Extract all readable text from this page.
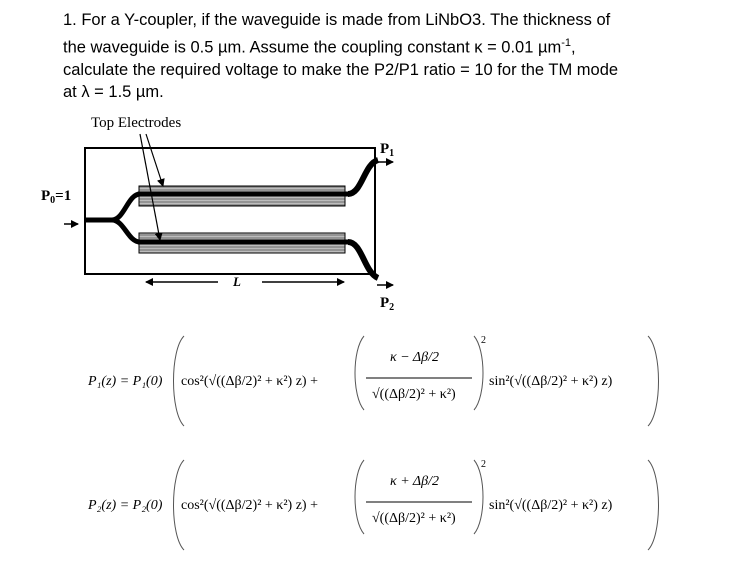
1. For a Y-coupler, if the waveguide is made from LiNbO3. The thickness of
the waveguide is 0.5 µm. Assume the coupling constant κ = 0.01 µm$^{-1}$,
calculate the required voltage to make the P2/P1 ratio = 10 for the TM mode
at λ = 1.5 µm.
Top Electrodes
$P_0=1$
$P_1$
$P_2$
L
P₁(z) = P₁(0) cos²(√((Δβ/2)² + κ²) z) +
κ − Δβ/2
√((Δβ/2)² + κ²)
2
sin²(√((Δβ/2)² + κ²) z)
P₂(z) = P₂(0) cos²(√((Δβ/2)² + κ²) z) +
κ + Δβ/2
√((Δβ/2)² + κ²)
2
sin²(√((Δβ/2)² + κ²) z)
